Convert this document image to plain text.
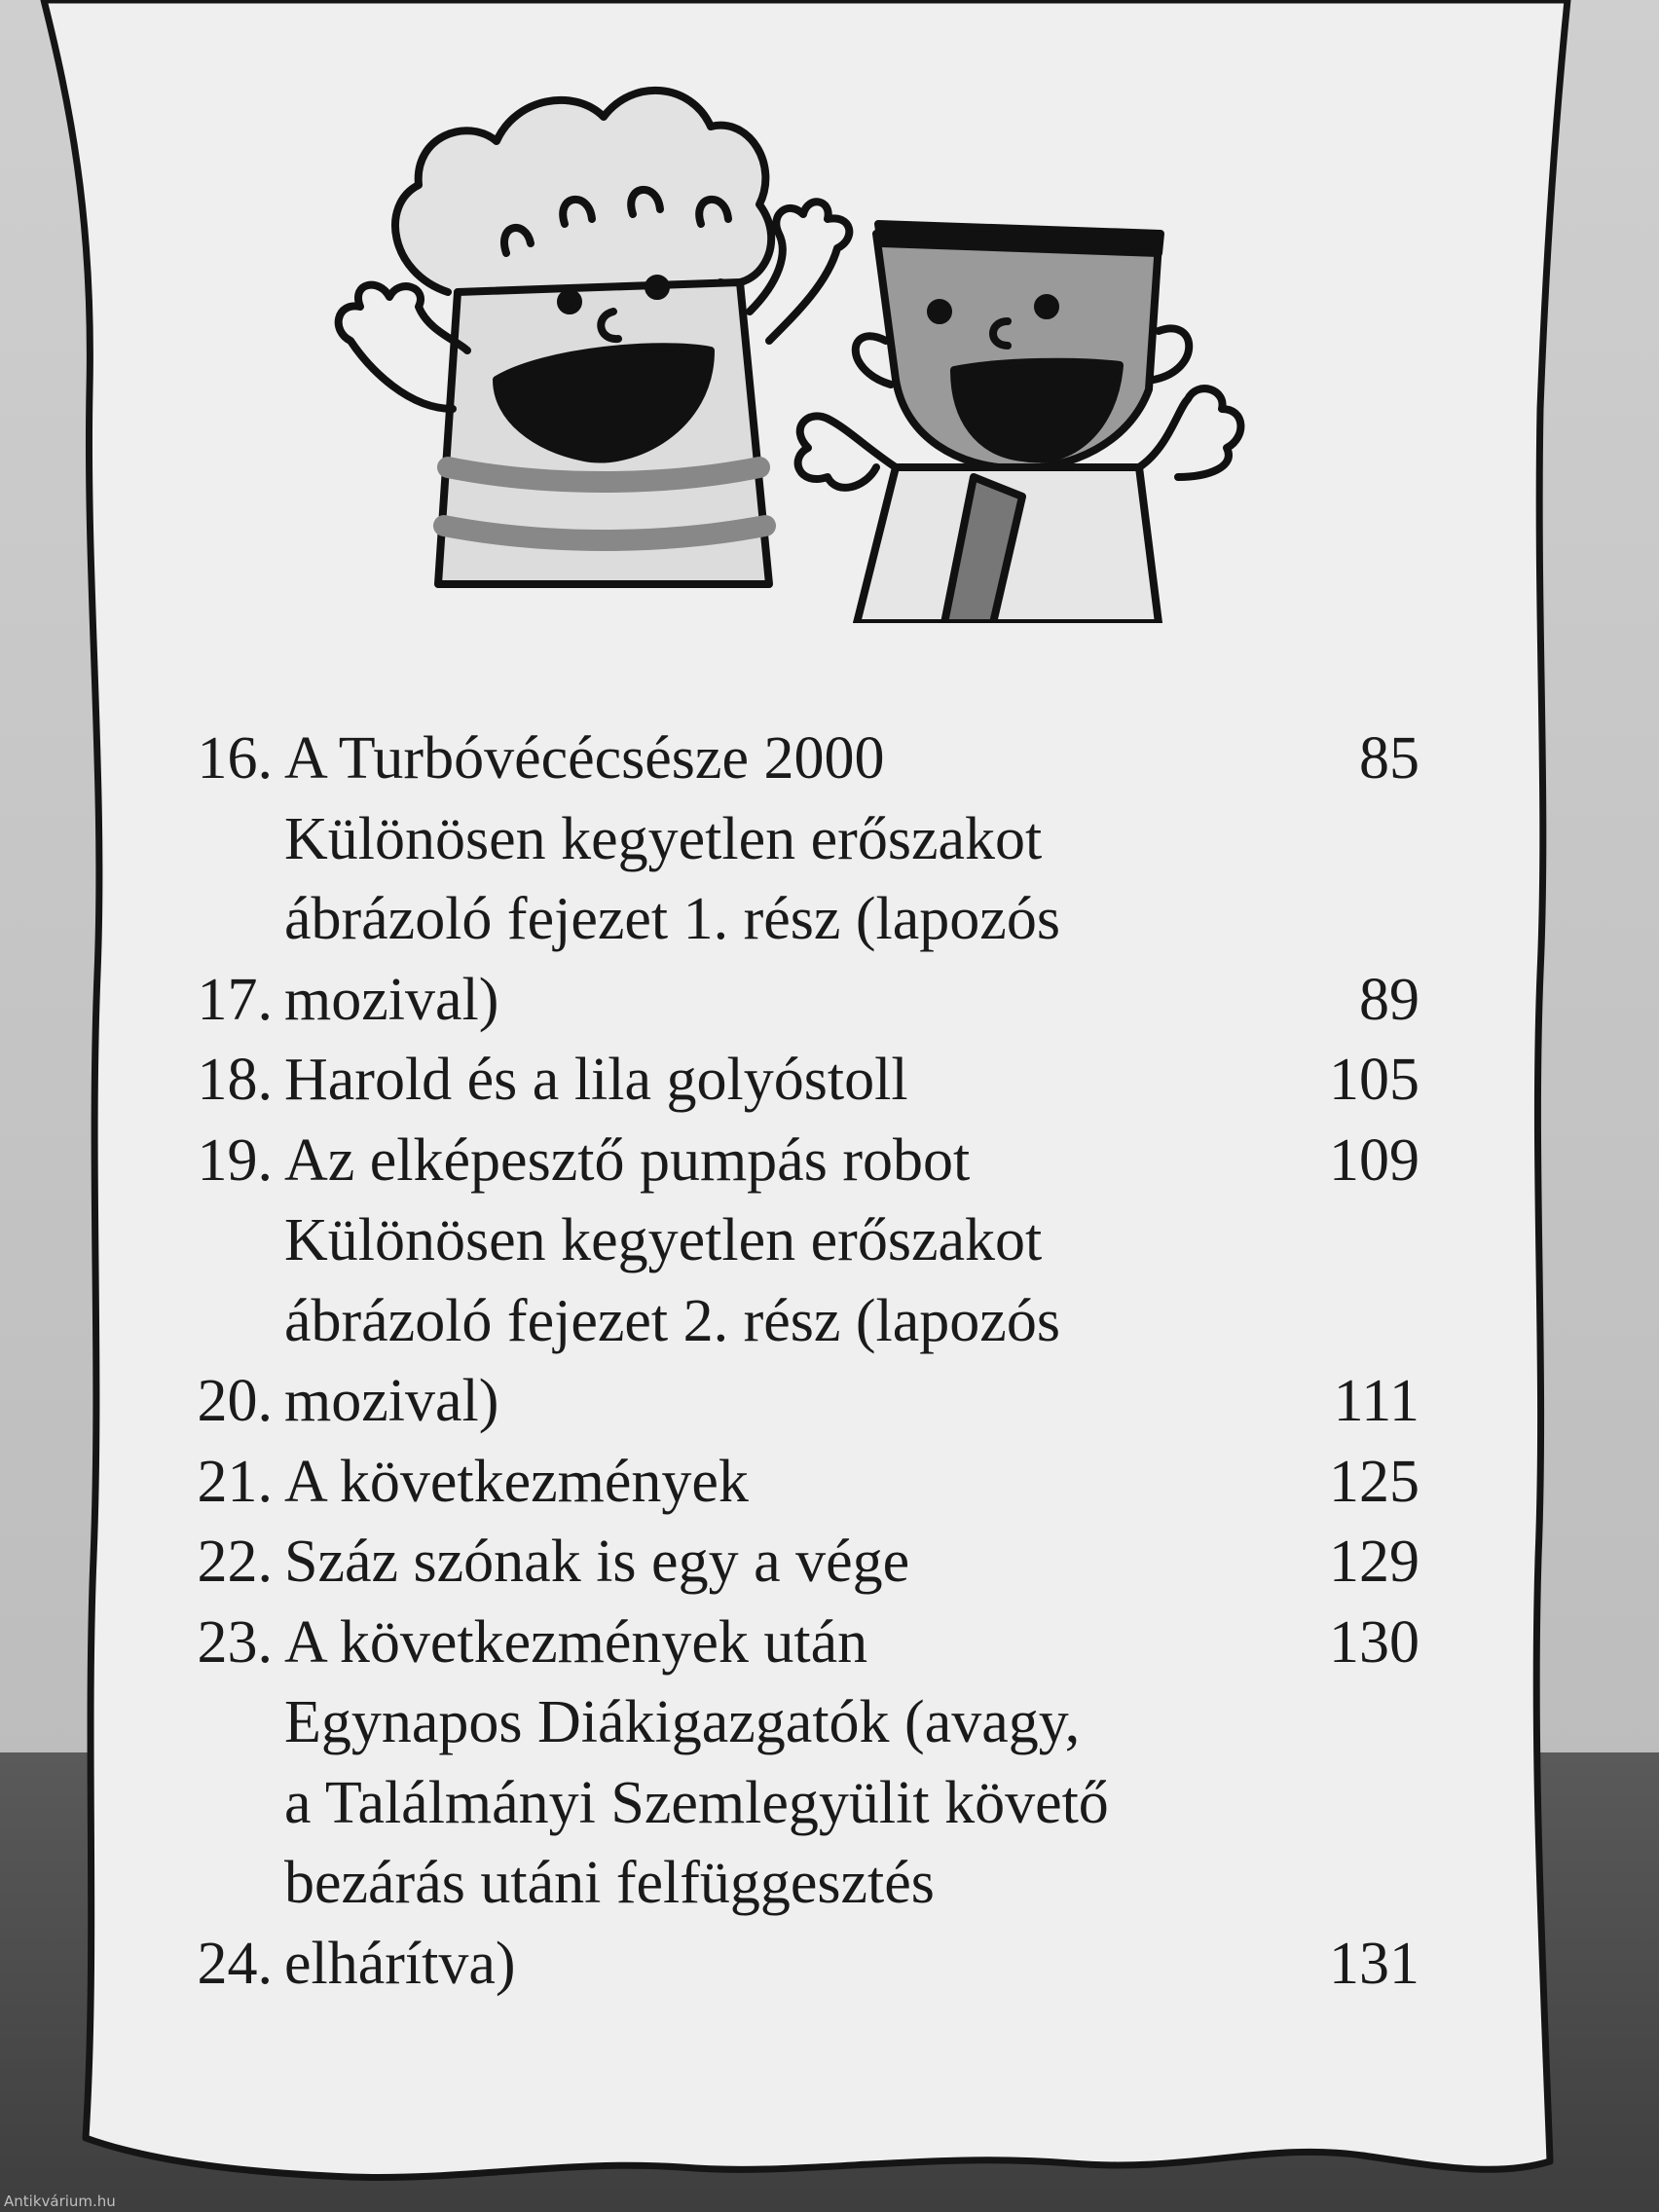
16. A Turbóvécécsésze 2000	85
17.
Különösen kegyetlen erőszakot
ábrázoló fejezet 1. rész (lapozós
mozival)	89
18. Harold és a lila golyóstoll	105
19. Az elképesztő pumpás robot	109
20.
Különösen kegyetlen erőszakot
ábrázoló fejezet 2. rész (lapozós
mozival)	111
21. A következmények	125
22. Száz szónak is egy a vége	129
23. A következmények után	130
24.
Egynapos Diákigazgatók (avagy,
a Találmányi Szemlegyülit követő
bezárás utáni felfüggesztés
elhárítva)	131
Antikvárium.hu
